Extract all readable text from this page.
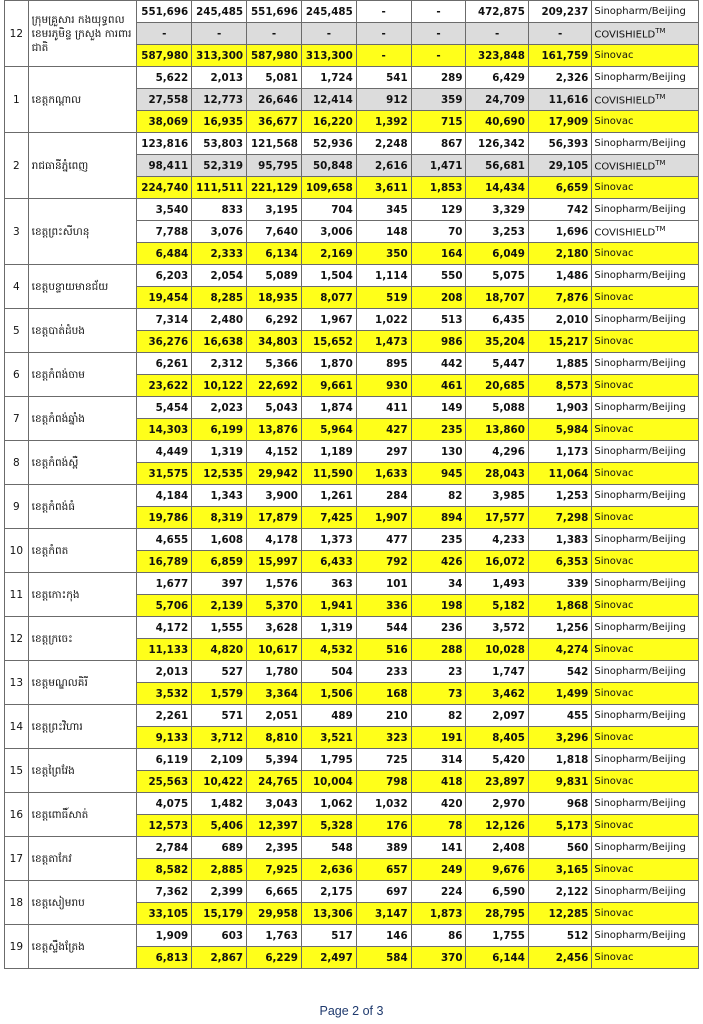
12	ក្រុមគ្រួសារ កងយុទ្ធពល ខេមរភូមិន្ទ ក្រសួង ការពារជាតិ	551,696	245,485	551,696	245,485	-	-	472,875	209,237	Sinopharm/Beijing
		-	-	-	-	-	-	-	-	COVISHIELD™
		587,980	313,300	587,980	313,300	-	-	323,848	161,759	Sinovac
1	ខេត្តកណ្តាល	5,622	2,013	5,081	1,724	541	289	6,429	2,326	Sinopharm/Beijing
		27,558	12,773	26,646	12,414	912	359	24,709	11,616	COVISHIELD™
		38,069	16,935	36,677	16,220	1,392	715	40,690	17,909	Sinovac
2	រាជធានីភ្នំពេញ	123,816	53,803	121,568	52,936	2,248	867	126,342	56,393	Sinopharm/Beijing
		98,411	52,319	95,795	50,848	2,616	1,471	56,681	29,105	COVISHIELD™
		224,740	111,511	221,129	109,658	3,611	1,853	14,434	6,659	Sinovac
3	ខេត្តព្រះសីហនុ	3,540	833	3,195	704	345	129	3,329	742	Sinopharm/Beijing
		7,788	3,076	7,640	3,006	148	70	3,253	1,696	COVISHIELD™
		6,484	2,333	6,134	2,169	350	164	6,049	2,180	Sinovac
4	ខេត្តបន្ទាយមានជ័យ	6,203	2,054	5,089	1,504	1,114	550	5,075	1,486	Sinopharm/Beijing
		19,454	8,285	18,935	8,077	519	208	18,707	7,876	Sinovac
5	ខេត្តបាត់ដំបង	7,314	2,480	6,292	1,967	1,022	513	6,435	2,010	Sinopharm/Beijing
		36,276	16,638	34,803	15,652	1,473	986	35,204	15,217	Sinovac
6	ខេត្តកំពង់ចាម	6,261	2,312	5,366	1,870	895	442	5,447	1,885	Sinopharm/Beijing
		23,622	10,122	22,692	9,661	930	461	20,685	8,573	Sinovac
7	ខេត្តកំពង់ឆ្នាំង	5,454	2,023	5,043	1,874	411	149	5,088	1,903	Sinopharm/Beijing
		14,303	6,199	13,876	5,964	427	235	13,860	5,984	Sinovac
8	ខេត្តកំពង់ស្ពឺ	4,449	1,319	4,152	1,189	297	130	4,296	1,173	Sinopharm/Beijing
		31,575	12,535	29,942	11,590	1,633	945	28,043	11,064	Sinovac
9	ខេត្តកំពង់ធំ	4,184	1,343	3,900	1,261	284	82	3,985	1,253	Sinopharm/Beijing
		19,786	8,319	17,879	7,425	1,907	894	17,577	7,298	Sinovac
10	ខេត្តកំពត	4,655	1,608	4,178	1,373	477	235	4,233	1,383	Sinopharm/Beijing
		16,789	6,859	15,997	6,433	792	426	16,072	6,353	Sinovac
11	ខេត្តកោះកុង	1,677	397	1,576	363	101	34	1,493	339	Sinopharm/Beijing
		5,706	2,139	5,370	1,941	336	198	5,182	1,868	Sinovac
12	ខេត្តក្រចេះ	4,172	1,555	3,628	1,319	544	236	3,572	1,256	Sinopharm/Beijing
		11,133	4,820	10,617	4,532	516	288	10,028	4,274	Sinovac
13	ខេត្តមណ្ឌលគិរី	2,013	527	1,780	504	233	23	1,747	542	Sinopharm/Beijing
		3,532	1,579	3,364	1,506	168	73	3,462	1,499	Sinovac
14	ខេត្តព្រះវិហារ	2,261	571	2,051	489	210	82	2,097	455	Sinopharm/Beijing
		9,133	3,712	8,810	3,521	323	191	8,405	3,296	Sinovac
15	ខេត្តព្រៃវែង	6,119	2,109	5,394	1,795	725	314	5,420	1,818	Sinopharm/Beijing
		25,563	10,422	24,765	10,004	798	418	23,897	9,831	Sinovac
16	ខេត្តពោធិ៍សាត់	4,075	1,482	3,043	1,062	1,032	420	2,970	968	Sinopharm/Beijing
		12,573	5,406	12,397	5,328	176	78	12,126	5,173	Sinovac
17	ខេត្តតាកែវ	2,784	689	2,395	548	389	141	2,408	560	Sinopharm/Beijing
		8,582	2,885	7,925	2,636	657	249	9,676	3,165	Sinovac
18	ខេត្តសៀមរាប	7,362	2,399	6,665	2,175	697	224	6,590	2,122	Sinopharm/Beijing
		33,105	15,179	29,958	13,306	3,147	1,873	28,795	12,285	Sinovac
19	ខេត្តស្ទឹងត្រែង	1,909	603	1,763	517	146	86	1,755	512	Sinopharm/Beijing
		6,813	2,867	6,229	2,497	584	370	6,144	2,456	Sinovac
Page 2 of 3
